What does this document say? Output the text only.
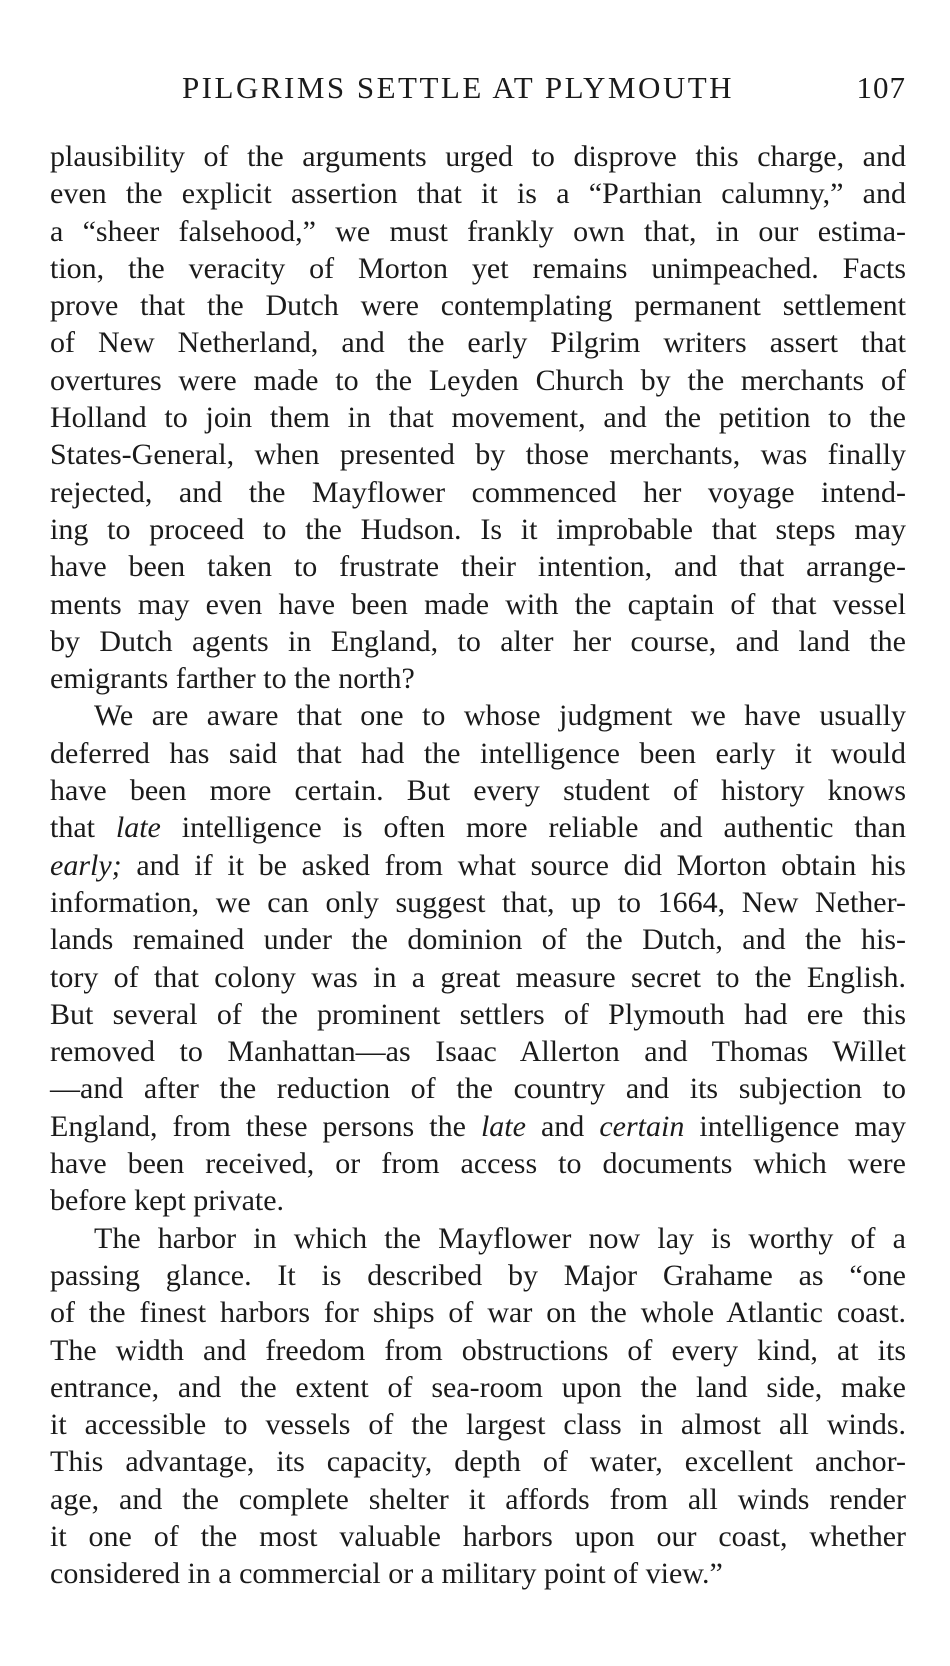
PILGRIMS SETTLE AT PLYMOUTH	107
plausibility of the arguments urged to disprove this charge, and
even the explicit assertion that it is a “Parthian calumny,” and
a “sheer falsehood,” we must frankly own that, in our estima-
tion, the veracity of Morton yet remains unimpeached. Facts
prove that the Dutch were contemplating permanent settlement
of New Netherland, and the early Pilgrim writers assert that
overtures were made to the Leyden Church by the merchants of
Holland to join them in that movement, and the petition to the
States-General, when presented by those merchants, was finally
rejected, and the Mayflower commenced her voyage intend-
ing to proceed to the Hudson. Is it improbable that steps may
have been taken to frustrate their intention, and that arrange-
ments may even have been made with the captain of that vessel
by Dutch agents in England, to alter her course, and land the
emigrants farther to the north?
We are aware that one to whose judgment we have usually
deferred has said that had the intelligence been early it would
have been more certain. But every student of history knows
that late intelligence is often more reliable and authentic than
early; and if it be asked from what source did Morton obtain his
information, we can only suggest that, up to 1664, New Nether-
lands remained under the dominion of the Dutch, and the his-
tory of that colony was in a great measure secret to the English.
But several of the prominent settlers of Plymouth had ere this
removed to Manhattan—as Isaac Allerton and Thomas Willet
—and after the reduction of the country and its subjection to
England, from these persons the late and certain intelligence may
have been received, or from access to documents which were
before kept private.
The harbor in which the Mayflower now lay is worthy of a
passing glance. It is described by Major Grahame as “one
of the finest harbors for ships of war on the whole Atlantic coast.
The width and freedom from obstructions of every kind, at its
entrance, and the extent of sea-room upon the land side, make
it accessible to vessels of the largest class in almost all winds.
This advantage, its capacity, depth of water, excellent anchor-
age, and the complete shelter it affords from all winds render
it one of the most valuable harbors upon our coast, whether
considered in a commercial or a military point of view.”
